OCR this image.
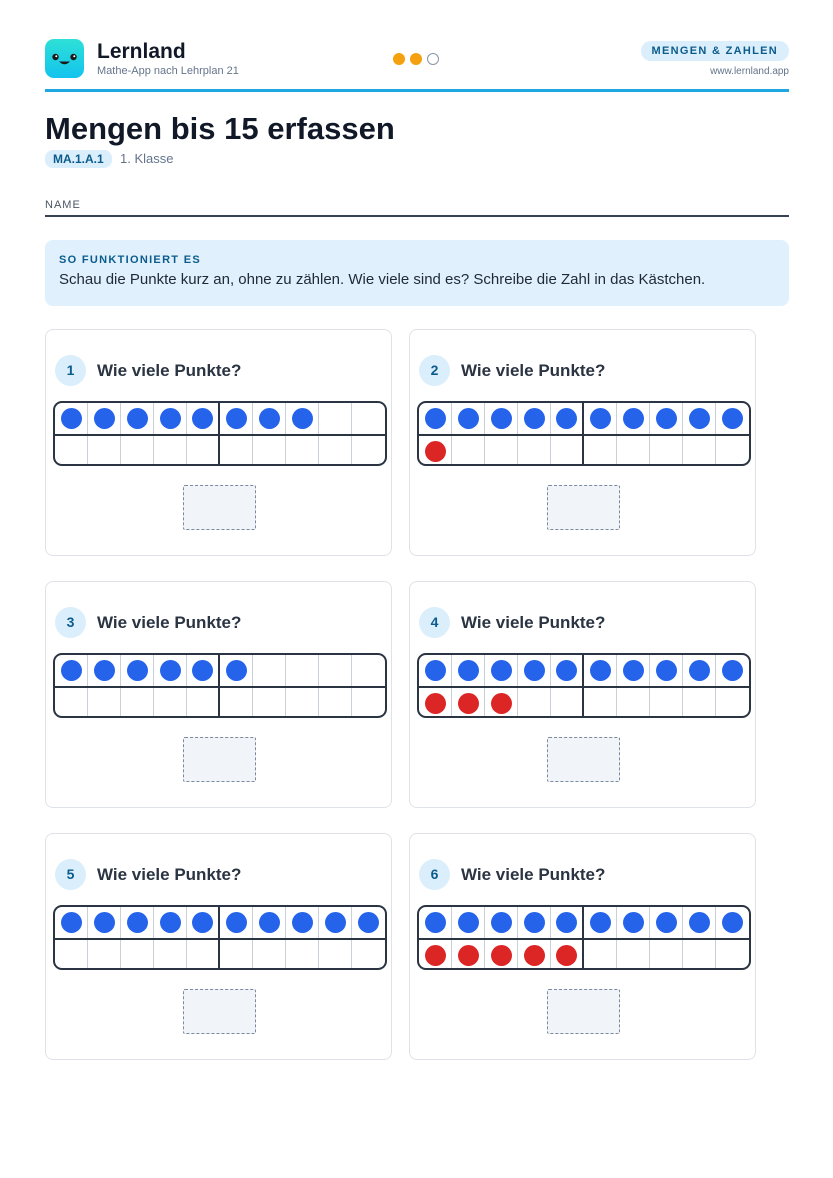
Lernland
Mathe-App nach Lehrplan 21
MENGEN & ZAHLEN
www.lernland.app
Mengen bis 15 erfassen
MA.1.A.1	1. Klasse
NAME
SO FUNKTIONIERT ES
Schau die Punkte kurz an, ohne zu zählen. Wie viele sind es? Schreibe die Zahl in das Kästchen.
1	Wie viele Punkte?	2	Wie viele Punkte?
3	Wie viele Punkte?	4	Wie viele Punkte?
5	Wie viele Punkte?	6	Wie viele Punkte?
